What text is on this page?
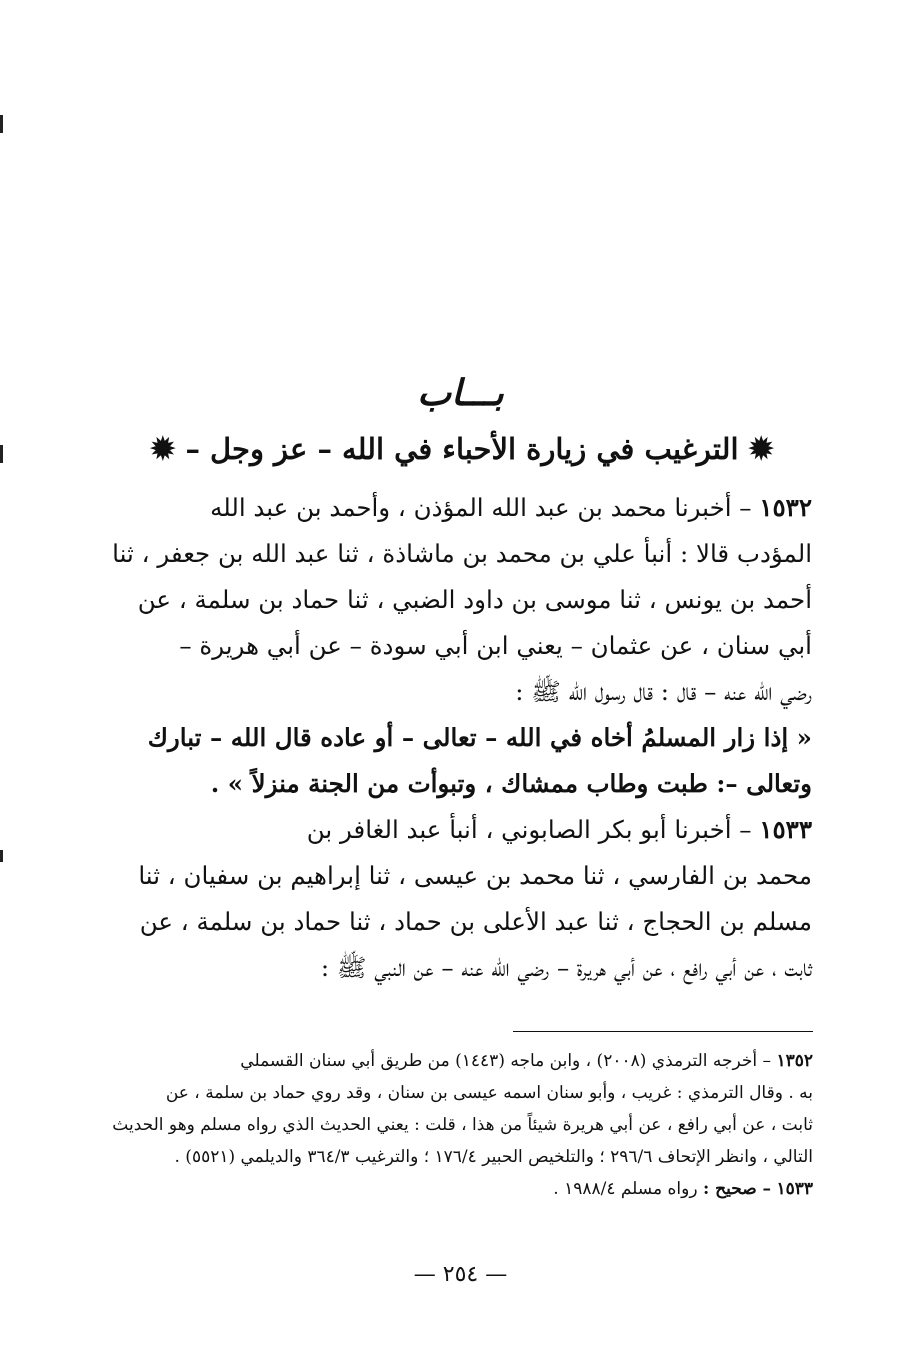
بـــاب
✹ الترغيب في زيارة الأحباء في الله – عز وجل – ✹
١٥٣٢ – أخبرنا محمد بن عبد الله المؤذن ، وأحمد بن عبد الله
المؤدب قالا : أنبأ علي بن محمد بن ماشاذة ، ثنا عبد الله بن جعفر ، ثنا
أحمد بن يونس ، ثنا موسى بن داود الضبي ، ثنا حماد بن سلمة ، عن
أبي سنان ، عن عثمان – يعني ابن أبي سودة – عن أبي هريرة –
رضي الله عنه – قال : قال رسول الله ﷺ :
« إذا زار المسلمُ أخاه في الله – تعالى – أو عاده قال الله – تبارك
وتعالى –: طبت وطاب ممشاك ، وتبوأت من الجنة منزلاً » .
١٥٣٣ – أخبرنا أبو بكر الصابوني ، أنبأ عبد الغافر بن
محمد بن الفارسي ، ثنا محمد بن عيسى ، ثنا إبراهيم بن سفيان ، ثنا
مسلم بن الحجاج ، ثنا عبد الأعلى بن حماد ، ثنا حماد بن سلمة ، عن
ثابت ، عن أبي رافع ، عن أبي هريرة – رضي الله عنه – عن النبي ﷺ :
١٣٥٢ – أخرجه الترمذي (٢٠٠٨) ، وابن ماجه (١٤٤٣) من طريق أبي سنان القسملي
به . وقال الترمذي : غريب ، وأبو سنان اسمه عيسى بن سنان ، وقد روي حماد بن سلمة ، عن
ثابت ، عن أبي رافع ، عن أبي هريرة شيئاً من هذا ، قلت : يعني الحديث الذي رواه مسلم وهو الحديث
التالي ، وانظر الإتحاف ٢٩٦/٦ ؛ والتلخيص الحبير ١٧٦/٤ ؛ والترغيب ٣٦٤/٣ والديلمي (٥٥٢١) .
١٥٣٣ – صحيح : رواه مسلم ١٩٨٨/٤ .
— ٢٥٤ —
